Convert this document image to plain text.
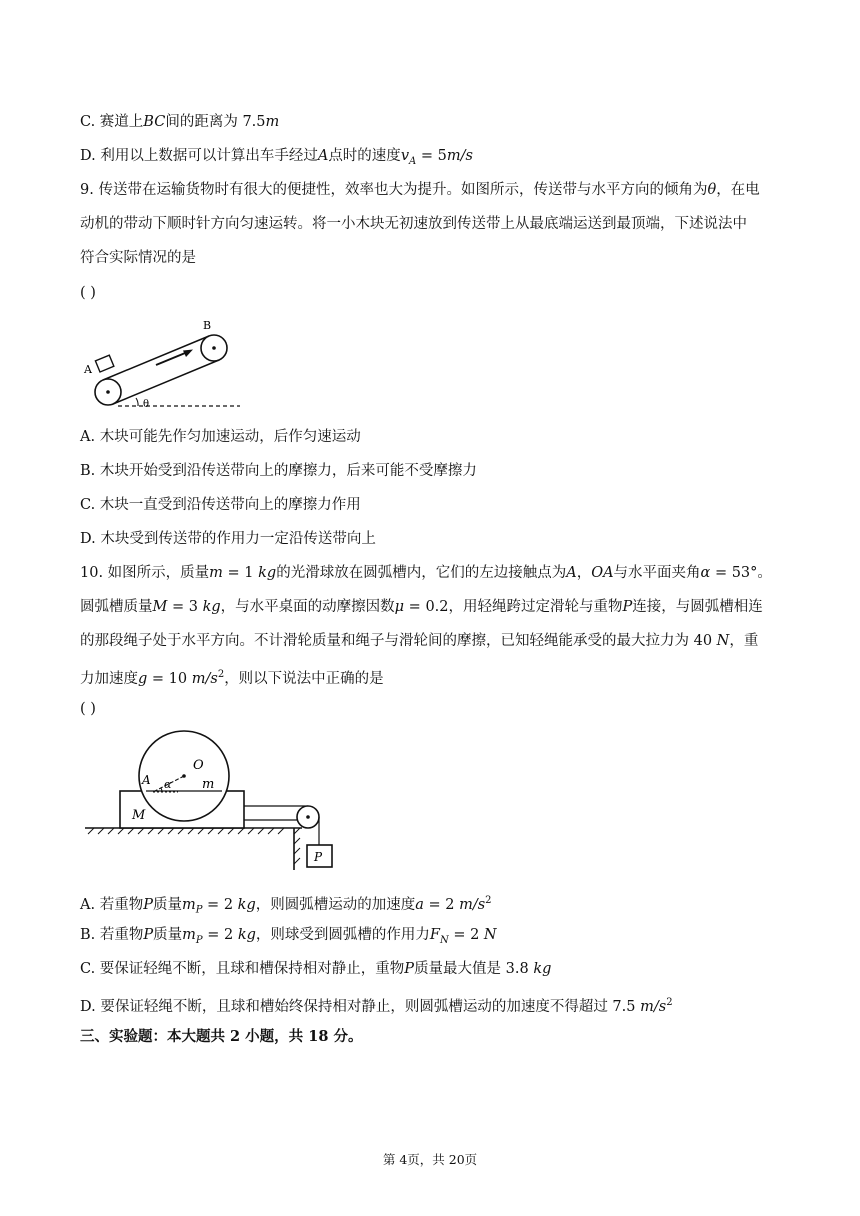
C. 赛道上BC间的距离为 7.5m
D. 利用以上数据可以计算出车手经过A点时的速度$v_A = 5m/s$
9. 传送带在运输货物时有很大的便捷性，效率也大为提升。如图所示，传送带与水平方向的倾角为θ，在电
动机的带动下顺时针方向匀速运转。将一小木块无初速放到传送带上从最底端运送到最顶端，下述说法中
符合实际情况的是
( )
A
B
θ
A. 木块可能先作匀加速运动，后作匀速运动
B. 木块开始受到沿传送带向上的摩擦力，后来可能不受摩擦力
C. 木块一直受到沿传送带向上的摩擦力作用
D. 木块受到传送带的作用力一定沿传送带向上
10. 如图所示，质量m = 1 kg的光滑球放在圆弧槽内，它们的左边接触点为A，OA与水平面夹角α = 53°。
圆弧槽质量M = 3 kg，与水平桌面的动摩擦因数μ = 0.2，用轻绳跨过定滑轮与重物P连接，与圆弧槽相连
的那段绳子处于水平方向。不计滑轮质量和绳子与滑轮间的摩擦，已知轻绳能承受的最大拉力为 40 N，重
力加速度g = 10 $m/s^2$，则以下说法中正确的是
( )
O
m
A α
M
P
A. 若重物P质量$m_P = 2$ kg，则圆弧槽运动的加速度a = 2 $m/s^2$
B. 若重物P质量$m_P = 2$ kg，则球受到圆弧槽的作用力$F_N = 2$ N
C. 要保证轻绳不断，且球和槽保持相对静止，重物P质量最大值是 3.8 kg
D. 要保证轻绳不断，且球和槽始终保持相对静止，则圆弧槽运动的加速度不得超过 7.5 $m/s^2$
三、实验题：本大题共 2 小题，共 18 分。
第 4页，共 20页
